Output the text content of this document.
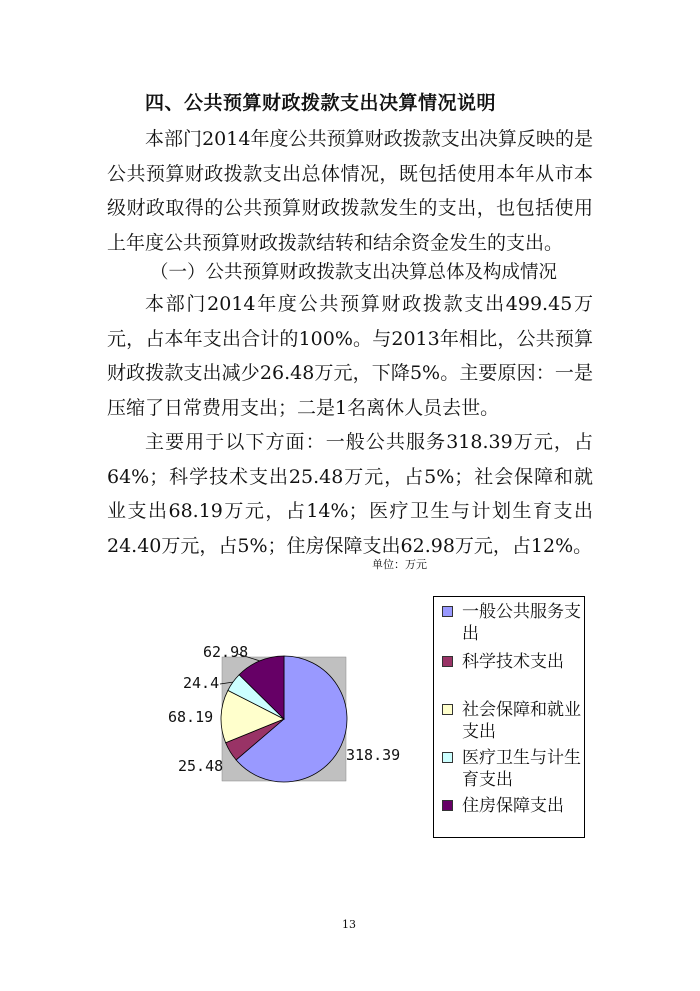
四、公共预算财政拨款支出决算情况说明
本部门2014年度公共预算财政拨款支出决算反映的是公共预算财政拨款支出总体情况，既包括使用本年从市本级财政取得的公共预算财政拨款发生的支出，也包括使用上年度公共预算财政拨款结转和结余资金发生的支出。
（一）公共预算财政拨款支出决算总体及构成情况
本部门2014年度公共预算财政拨款支出499.45万元，占本年支出合计的100%。与2013年相比，公共预算财政拨款支出减少26.48万元，下降5%。主要原因：一是压缩了日常费用支出；二是1名离休人员去世。
主要用于以下方面：一般公共服务318.39万元，占64%；科学技术支出25.48万元，占5%；社会保障和就业支出68.19万元，占14%；医疗卫生与计划生育支出24.40万元，占5%；住房保障支出62.98万元，占12%。
单位：万元
318.39
25.48
68.19
24.4
62.98
一般公共服务支出
科学技术支出
社会保障和就业支出
医疗卫生与计生育支出
住房保障支出
13
